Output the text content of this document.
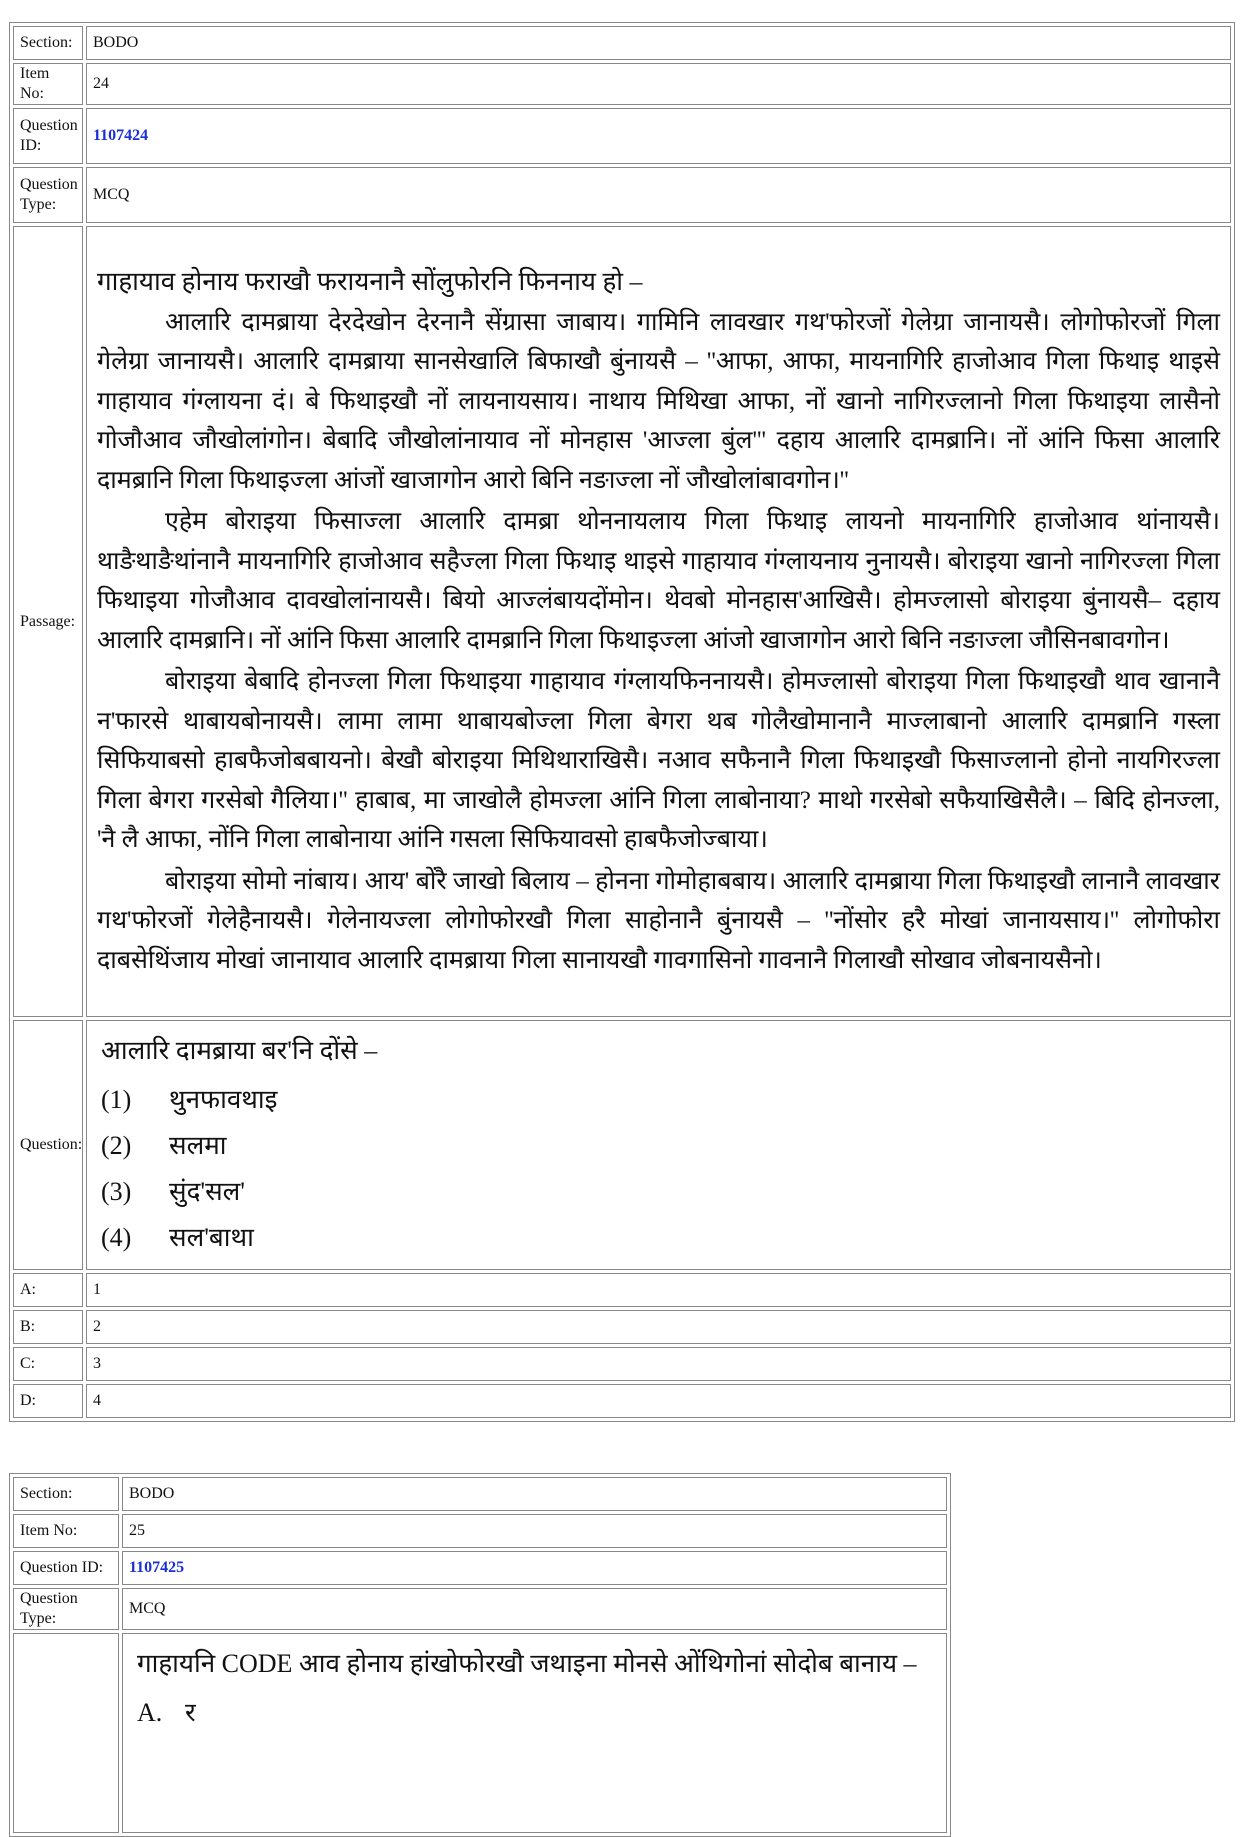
Section:	BODO
Item No:	24
Question ID:	1107424
Question Type:	MCQ
Passage:	गाहायाव होनाय फराखौ फरायनानै सोंलुफोरनि फिननाय हो –

आलारि दामब्राया देरदेखोन देरनानै सेंग्रासा जाबाय। गामिनि लावखार गथ'फोरजों गेलेग्रा जानायसै। लोगोफोरजों गिला गेलेग्रा जानायसै। आलारि दामब्राया सानसेखालि बिफाखौ बुंनायसै – ''आफा, आफा, मायनागिरि हाजोआव गिला फिथाइ थाइसे गाहायाव गंग्लायना दं। बे फिथाइखौ नों लायनायसाय। नाथाय मिथिखा आफा, नों खानो नागिरज्लानो गिला फिथाइया लासैनो गोजौआव जौखोलांगोन। बेबादि जौखोलांनायाव नों मोनहास 'आज्ला बुंल''' दहाय आलारि दामब्रानि। नों आंनि फिसा आलारि दामब्रानि गिला फिथाइज्ला आंजों खाजागोन आरो बिनि नङाज्ला नों जौखोलांबावगोन।''

एहेम बोराइया फिसाज्ला आलारि दामब्रा थोननायलाय गिला फिथाइ लायनो मायनागिरि हाजोआव थांनायसै। थाङैथाङैथांनानै मायनागिरि हाजोआव सहैज्ला गिला फिथाइ थाइसे गाहायाव गंग्लायनाय नुनायसै। बोराइया खानो नागिरज्ला गिला फिथाइया गोजौआव दावखोलांनायसै। बियो आज्लंबायदोंमोन। थेवबो मोनहास'आखिसै। होमज्लासो बोराइया बुंनायसै– दहाय आलारि दामब्रानि। नों आंनि फिसा आलारि दामब्रानि गिला फिथाइज्ला आंजो खाजागोन आरो बिनि नङाज्ला जौसिनबावगोन।

बोराइया बेबादि होनज्ला गिला फिथाइया गाहायाव गंग्लायफिननायसै। होमज्लासो बोराइया गिला फिथाइखौ थाव खानानै न'फारसे थाबायबोनायसै। लामा लामा थाबायबोज्ला गिला बेगरा थब गोलैखोमानानै माज्लाबानो आलारि दामब्रानि गस्ला सिफियाबसो हाबफैजोबबायनो। बेखौ बोराइया मिथिथाराखिसै। नआव सफैनानै गिला फिथाइखौ फिसाज्लानो होनो नायगिरज्ला गिला बेगरा गरसेबो गैलिया।'' हाबाब, मा जाखोलै होमज्ला आंनि गिला लाबोनाया? माथो गरसेबो सफैयाखिसैलै। – बिदि होनज्ला, 'नै लै आफा, नोंनि गिला लाबोनाया आंनि गसला सिफियावसो हाबफैजोज्बाया।

बोराइया सोमो नांबाय। आय' बोंरै जाखो बिलाय – होनना गोमोहाबबाय। आलारि दामब्राया गिला फिथाइखौ लानानै लावखार गथ'फोरजों गेलेहैनायसै। गेलेनायज्ला लोगोफोरखौ गिला साहोनानै बुंनायसै – ''नोंसोर हरै मोखां जानायसाय।'' लोगोफोरा दाबसेथिंजाय मोखां जानायाव आलारि दामब्राया गिला सानायखौ गावगासिनो गावनानै गिलाखौ सोखाव जोबनायसैनो।

Question:	आलारि दामब्राया बर'नि दोंसे –
(1) थुनफावथाइ
(2) सलमा
(3) सुंद'सल'
(4) सल'बाथा

A:	1
B:	2
C:	3
D:	4
Section:	BODO
Item No:	25
Question ID:	1107425
Question Type:	MCQ

	गाहायनि CODE आव होनाय हांखोफोरखौ जथाइना मोनसे ओंथिगोनां सोदोब बानाय –
A. र
